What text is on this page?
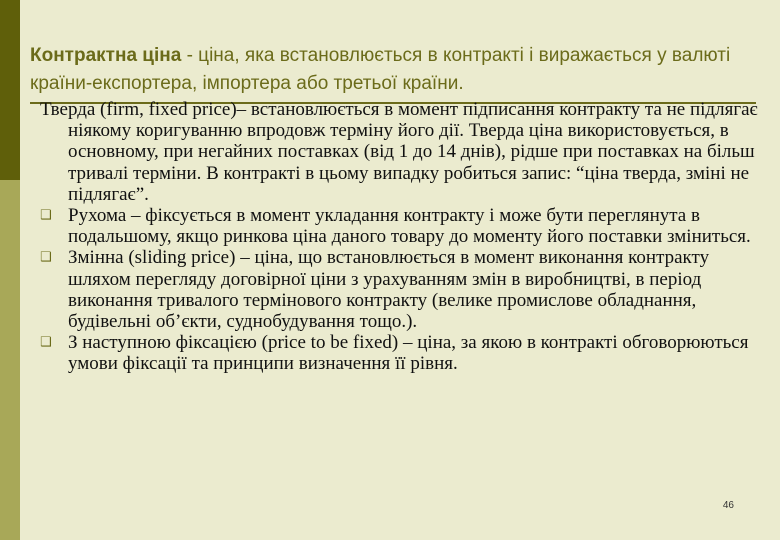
Контрактна ціна - ціна, яка встановлюється в контракті і виражається у валюті країни-експортера, імпортера або третьої країни.

Тверда (firm, fixed price)– встановлюється в момент підписання контракту та не підлягає ніякому коригуванню впродовж терміну його дії. Тверда ціна використовується, в основному, при негайних поставках (від 1 до 14 днів), рідше при поставках на більш тривалі терміни. В контракті в цьому випадку робиться запис: “ціна тверда, зміні не підлягає”.

❑ Рухома – фіксується в момент укладання контракту і може бути переглянута в подальшому, якщо ринкова ціна даного товару до моменту його поставки зміниться.
❑ Змінна (sliding price) – ціна, що встановлюється в момент виконання контракту шляхом перегляду договірної ціни з урахуванням змін в виробництві, в період виконання тривалого термінового контракту (велике промислове обладнання, будівельні об’єкти, суднобудування тощо.).
❑ З наступною фіксацією (price to be fixed) – ціна, за якою в контракті обговорюються умови фіксації та принципи визначення її рівня.
46
